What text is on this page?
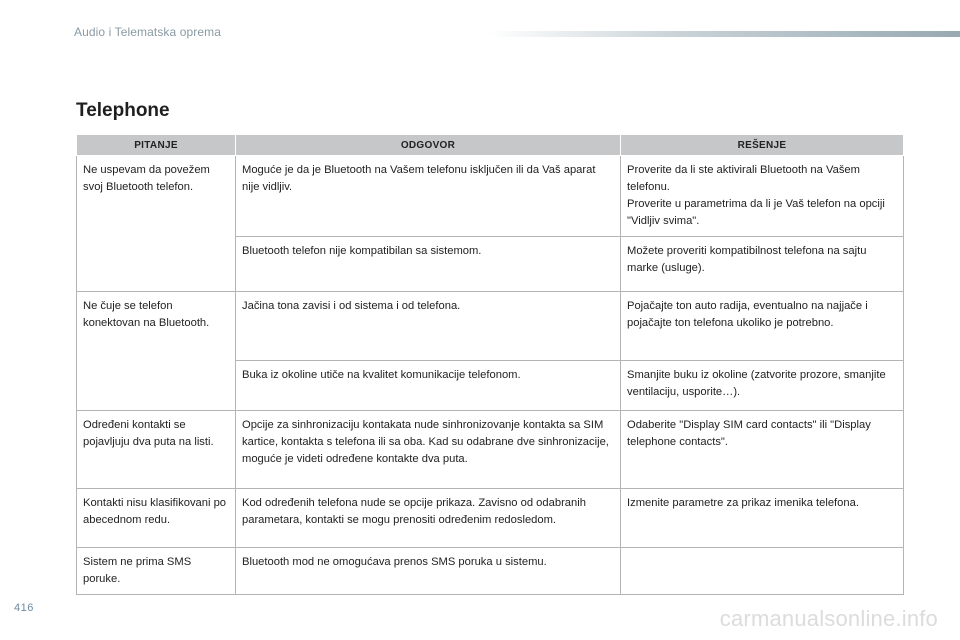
Audio i Telematska oprema
Telephone
PITANJE	ODGOVOR	REŠENJE
Ne uspevam da povežem svoj Bluetooth telefon.	Moguće je da je Bluetooth na Vašem telefonu isključen ili da Vaš aparat nije vidljiv.	Proverite da li ste aktivirali Bluetooth na Vašem telefonu.
Proverite u parametrima da li je Vaš telefon na opciji "Vidljiv svima".
	Bluetooth telefon nije kompatibilan sa sistemom.	Možete proveriti kompatibilnost telefona na sajtu marke (usluge).
Ne čuje se telefon konektovan na Bluetooth.	Jačina tona zavisi i od sistema i od telefona.	Pojačajte ton auto radija, eventualno na najjače i pojačajte ton telefona ukoliko je potrebno.
	Buka iz okoline utiče na kvalitet komunikacije telefonom.	Smanjite buku iz okoline (zatvorite prozore, smanjite ventilaciju, usporite…).
Određeni kontakti se pojavljuju dva puta na listi.	Opcije za sinhronizaciju kontakata nude sinhronizovanje kontakta sa SIM kartice, kontakta s telefona ili sa oba. Kad su odabrane dve sinhronizacije, moguće je videti određene kontakte dva puta.	Odaberite "Display SIM card contacts" ili "Display telephone contacts".
Kontakti nisu klasifikovani po abecednom redu.	Kod određenih telefona nude se opcije prikaza. Zavisno od odabranih parametara, kontakti se mogu prenositi određenim redosledom.	Izmenite parametre za prikaz imenika telefona.
Sistem ne prima SMS poruke.	Bluetooth mod ne omogućava prenos SMS poruka u sistemu.	
416	carmanualsonline.info
